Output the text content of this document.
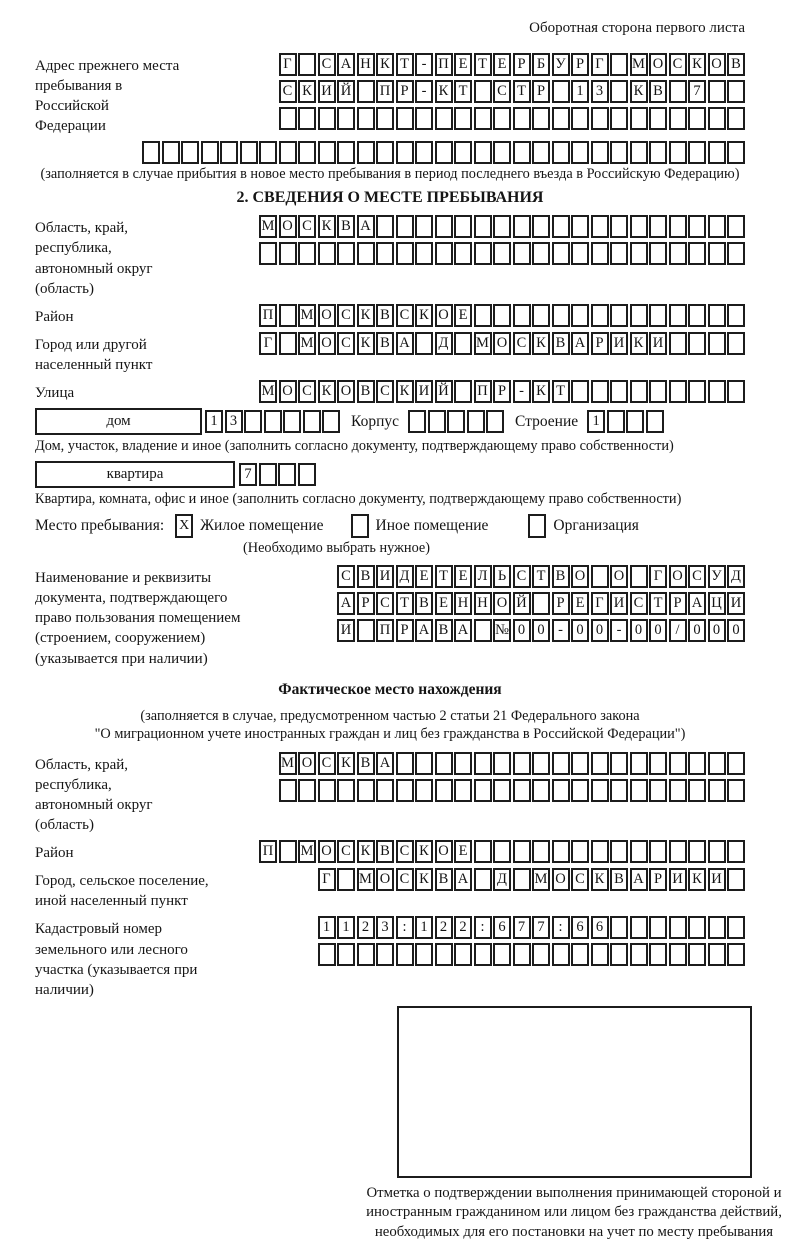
Оборотная сторона первого листа
Адрес прежнего места пребывания в Российской Федерации
Г	С А Н К Т - П Е Т Е Р Б У Р Г	М О С К О В
С К И Й П Р - К Т	С Т Р	1 3	К В	7
(заполняется в случае прибытия в новое место пребывания в период последнего въезда в Российскую Федерацию)
2. СВЕДЕНИЯ О МЕСТЕ ПРЕБЫВАНИЯ
Область, край, республика, автономный округ (область)
М О С К В А
Район	П М О С К В С К О Е
Город или другой населенный пункт
Г	М О С К В А Д М О С К В А Р И К И
Улица	М О С К О В С К И Й П Р - К Т
дом	1 3	Корпус	Строение 1
Дом, участок, владение и иное (заполнить согласно документу, подтверждающему право собственности)
квартира	7
Квартира, комната, офис и иное (заполнить согласно документу, подтверждающему право собственности)
Место пребывания: X Жилое помещение	Иное помещение	Организация
(Необходимо выбрать нужное)
Наименование и реквизиты документа, подтверждающего право пользования помещением (строением, сооружением) (указывается при наличии)
С В И Д Е Т Е Л Ь С Т В О О	Г О С У Д
А Р С Т В Е Н Н О Й	Р Е Г И С Т Р А Ц И
И П Р А В А № 0 0 - 0 0 - 0 0 / 0 0 0
Фактическое место нахождения
(заполняется в случае, предусмотренном частью 2 статьи 21 Федерального закона
"О миграционном учете иностранных граждан и лиц без гражданства в Российской Федерации")
Область, край, республика, автономный округ (область)
М О С К В А
Район	П М О С К В С К О Е
Город, сельское поселение, иной населенный пункт
Г	М О С К В А Д М О С К В А Р И К И
Кадастровый номер земельного или лесного участка (указывается при наличии)
1 1 2 3 : 1 2 2 : 6 7 7 : 6 6
Отметка о подтверждении выполнения принимающей стороной и иностранным гражданином или лицом без гражданства действий, необходимых для его постановки на учет по месту пребывания
